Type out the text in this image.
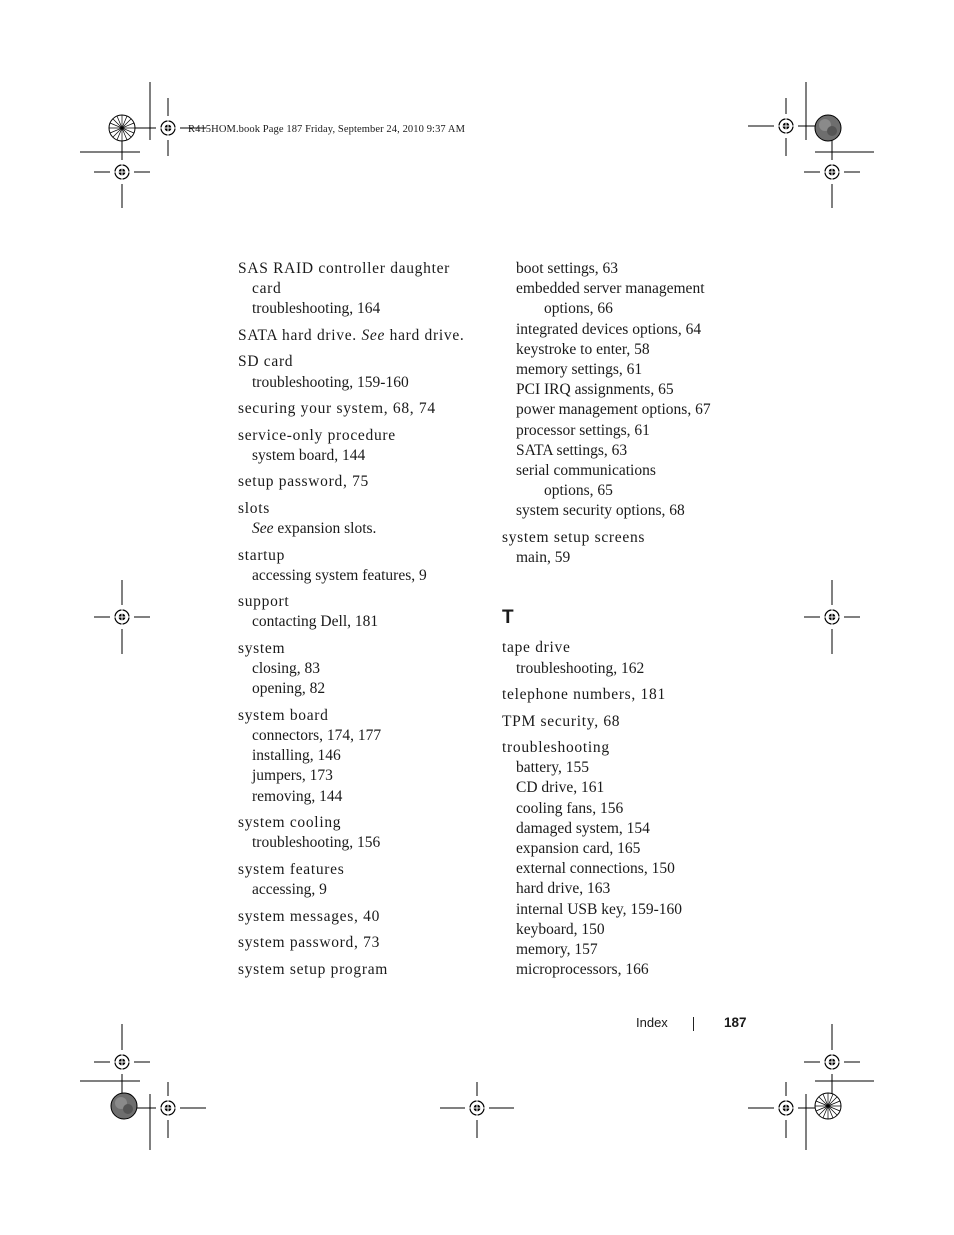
R415HOM.book Page 187 Friday, September 24, 2010 9:37 AM
SAS RAID controller daughter
card
troubleshooting, 164
SATA hard drive. See hard drive.
SD card
troubleshooting, 159-160
securing your system, 68, 74
service-only procedure
system board, 144
setup password, 75
slots
See expansion slots.
startup
accessing system features, 9
support
contacting Dell, 181
system
closing, 83
opening, 82
system board
connectors, 174, 177
installing, 146
jumpers, 173
removing, 144
system cooling
troubleshooting, 156
system features
accessing, 9
system messages, 40
system password, 73
system setup program
boot settings, 63
embedded server management
options, 66
integrated devices options, 64
keystroke to enter, 58
memory settings, 61
PCI IRQ assignments, 65
power management options, 67
processor settings, 61
SATA settings, 63
serial communications
options, 65
system security options, 68
system setup screens
main, 59
T
tape drive
troubleshooting, 162
telephone numbers, 181
TPM security, 68
troubleshooting
battery, 155
CD drive, 161
cooling fans, 156
damaged system, 154
expansion card, 165
external connections, 150
hard drive, 163
internal USB key, 159-160
keyboard, 150
memory, 157
microprocessors, 166
Index	187
